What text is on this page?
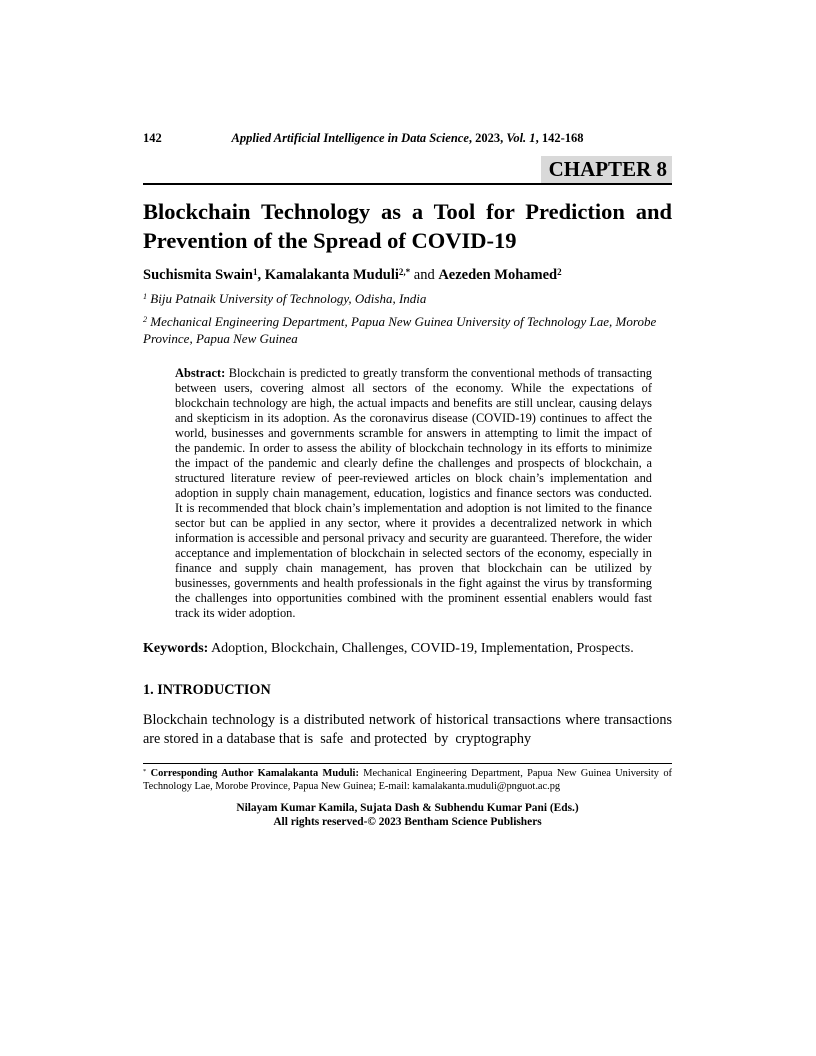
142	Applied Artificial Intelligence in Data Science, 2023, Vol. 1, 142-168
CHAPTER 8
Blockchain Technology as a Tool for Prediction and Prevention of the Spread of COVID-19

Suchismita Swain$^1$, Kamalakanta Muduli$^{2,*}$ and Aezeden Mohamed$^2$

$^1$ Biju Patnaik University of Technology, Odisha, India

$^2$ Mechanical Engineering Department, Papua New Guinea University of Technology Lae, Morobe Province, Papua New Guinea

Abstract: Blockchain is predicted to greatly transform the conventional methods of transacting between users, covering almost all sectors of the economy. While the expectations of blockchain technology are high, the actual impacts and benefits are still unclear, causing delays and skepticism in its adoption. As the coronavirus disease (COVID-19) continues to affect the world, businesses and governments scramble for answers in attempting to limit the impact of the pandemic. In order to assess the ability of blockchain technology in its efforts to minimize the impact of the pandemic and clearly define the challenges and prospects of blockchain, a structured literature review of peer-reviewed articles on block chain’s implementation and adoption in supply chain management, education, logistics and finance sectors was conducted. It is recommended that block chain’s implementation and adoption is not limited to the finance sector but can be applied in any sector, where it provides a decentralized network in which information is accessible and personal privacy and security are guaranteed. Therefore, the wider acceptance and implementation of blockchain in selected sectors of the economy, especially in finance and supply chain management, has proven that blockchain can be utilized by businesses, governments and health professionals in the fight against the virus by transforming the challenges into opportunities combined with the prominent essential enablers would fast track its wider adoption.

Keywords: Adoption, Blockchain, Challenges, COVID-19, Implementation, Prospects.

1. INTRODUCTION

Blockchain technology is a distributed network of historical transactions where transactions are stored in a database that is  safe  and protected  by  cryptography

* Corresponding Author Kamalakanta Muduli: Mechanical Engineering Department, Papua New Guinea University of Technology Lae, Morobe Province, Papua New Guinea; E-mail: kamalakanta.muduli@pnguot.ac.pg

Nilayam Kumar Kamila, Sujata Dash & Subhendu Kumar Pani (Eds.)

All rights reserved-© 2023 Bentham Science Publishers
